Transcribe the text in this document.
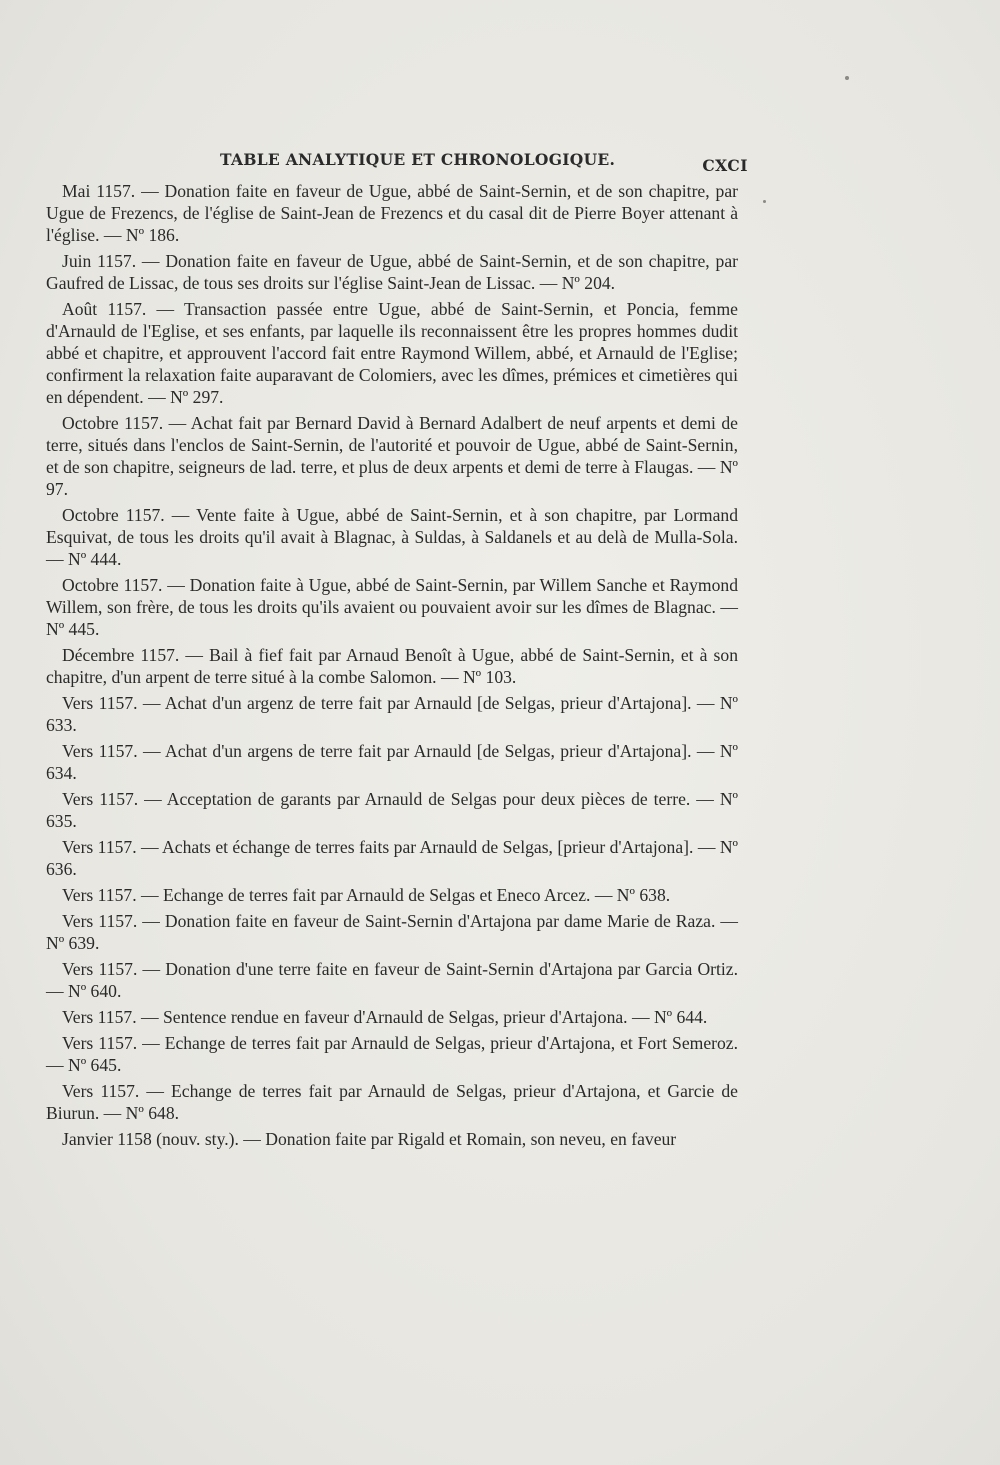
TABLE ANALYTIQUE ET CHRONOLOGIQUE.	CXCI

Mai 1157. — Donation faite en faveur de Ugue, abbé de Saint-Sernin, et de son chapitre, par Ugue de Frezencs, de l'église de Saint-Jean de Frezencs et du casal dit de Pierre Boyer attenant à l'église. — Nº 186.

Juin 1157. — Donation faite en faveur de Ugue, abbé de Saint-Sernin, et de son chapitre, par Gaufred de Lissac, de tous ses droits sur l'église Saint-Jean de Lissac. — Nº 204.

Août 1157. — Transaction passée entre Ugue, abbé de Saint-Sernin, et Poncia, femme d'Arnauld de l'Eglise, et ses enfants, par laquelle ils reconnaissent être les propres hommes dudit abbé et chapitre, et approuvent l'accord fait entre Raymond Willem, abbé, et Arnauld de l'Eglise; confirment la relaxation faite auparavant de Colomiers, avec les dîmes, prémices et cimetières qui en dépendent. — Nº 297.

Octobre 1157. — Achat fait par Bernard David à Bernard Adalbert de neuf arpents et demi de terre, situés dans l'enclos de Saint-Sernin, de l'autorité et pouvoir de Ugue, abbé de Saint-Sernin, et de son chapitre, seigneurs de lad. terre, et plus de deux arpents et demi de terre à Flaugas. — Nº 97.

Octobre 1157. — Vente faite à Ugue, abbé de Saint-Sernin, et à son chapitre, par Lormand Esquivat, de tous les droits qu'il avait à Blagnac, à Suldas, à Saldanels et au delà de Mulla-Sola. — Nº 444.

Octobre 1157. — Donation faite à Ugue, abbé de Saint-Sernin, par Willem Sanche et Raymond Willem, son frère, de tous les droits qu'ils avaient ou pouvaient avoir sur les dîmes de Blagnac. — Nº 445.

Décembre 1157. — Bail à fief fait par Arnaud Benoît à Ugue, abbé de Saint-Sernin, et à son chapitre, d'un arpent de terre situé à la combe Salomon. — Nº 103.

Vers 1157. — Achat d'un argenz de terre fait par Arnauld [de Selgas, prieur d'Artajona]. — Nº 633.

Vers 1157. — Achat d'un argens de terre fait par Arnauld [de Selgas, prieur d'Artajona]. — Nº 634.

Vers 1157. — Acceptation de garants par Arnauld de Selgas pour deux pièces de terre. — Nº 635.

Vers 1157. — Achats et échange de terres faits par Arnauld de Selgas, [prieur d'Artajona]. — Nº 636.

Vers 1157. — Echange de terres fait par Arnauld de Selgas et Eneco Arcez. — Nº 638.

Vers 1157. — Donation faite en faveur de Saint-Sernin d'Artajona par dame Marie de Raza. — Nº 639.

Vers 1157. — Donation d'une terre faite en faveur de Saint-Sernin d'Artajona par Garcia Ortiz. — Nº 640.

Vers 1157. — Sentence rendue en faveur d'Arnauld de Selgas, prieur d'Artajona. — Nº 644.

Vers 1157. — Echange de terres fait par Arnauld de Selgas, prieur d'Artajona, et Fort Semeroz. — Nº 645.

Vers 1157. — Echange de terres fait par Arnauld de Selgas, prieur d'Artajona, et Garcie de Biurun. — Nº 648.

Janvier 1158 (nouv. sty.). — Donation faite par Rigald et Romain, son neveu, en faveur
